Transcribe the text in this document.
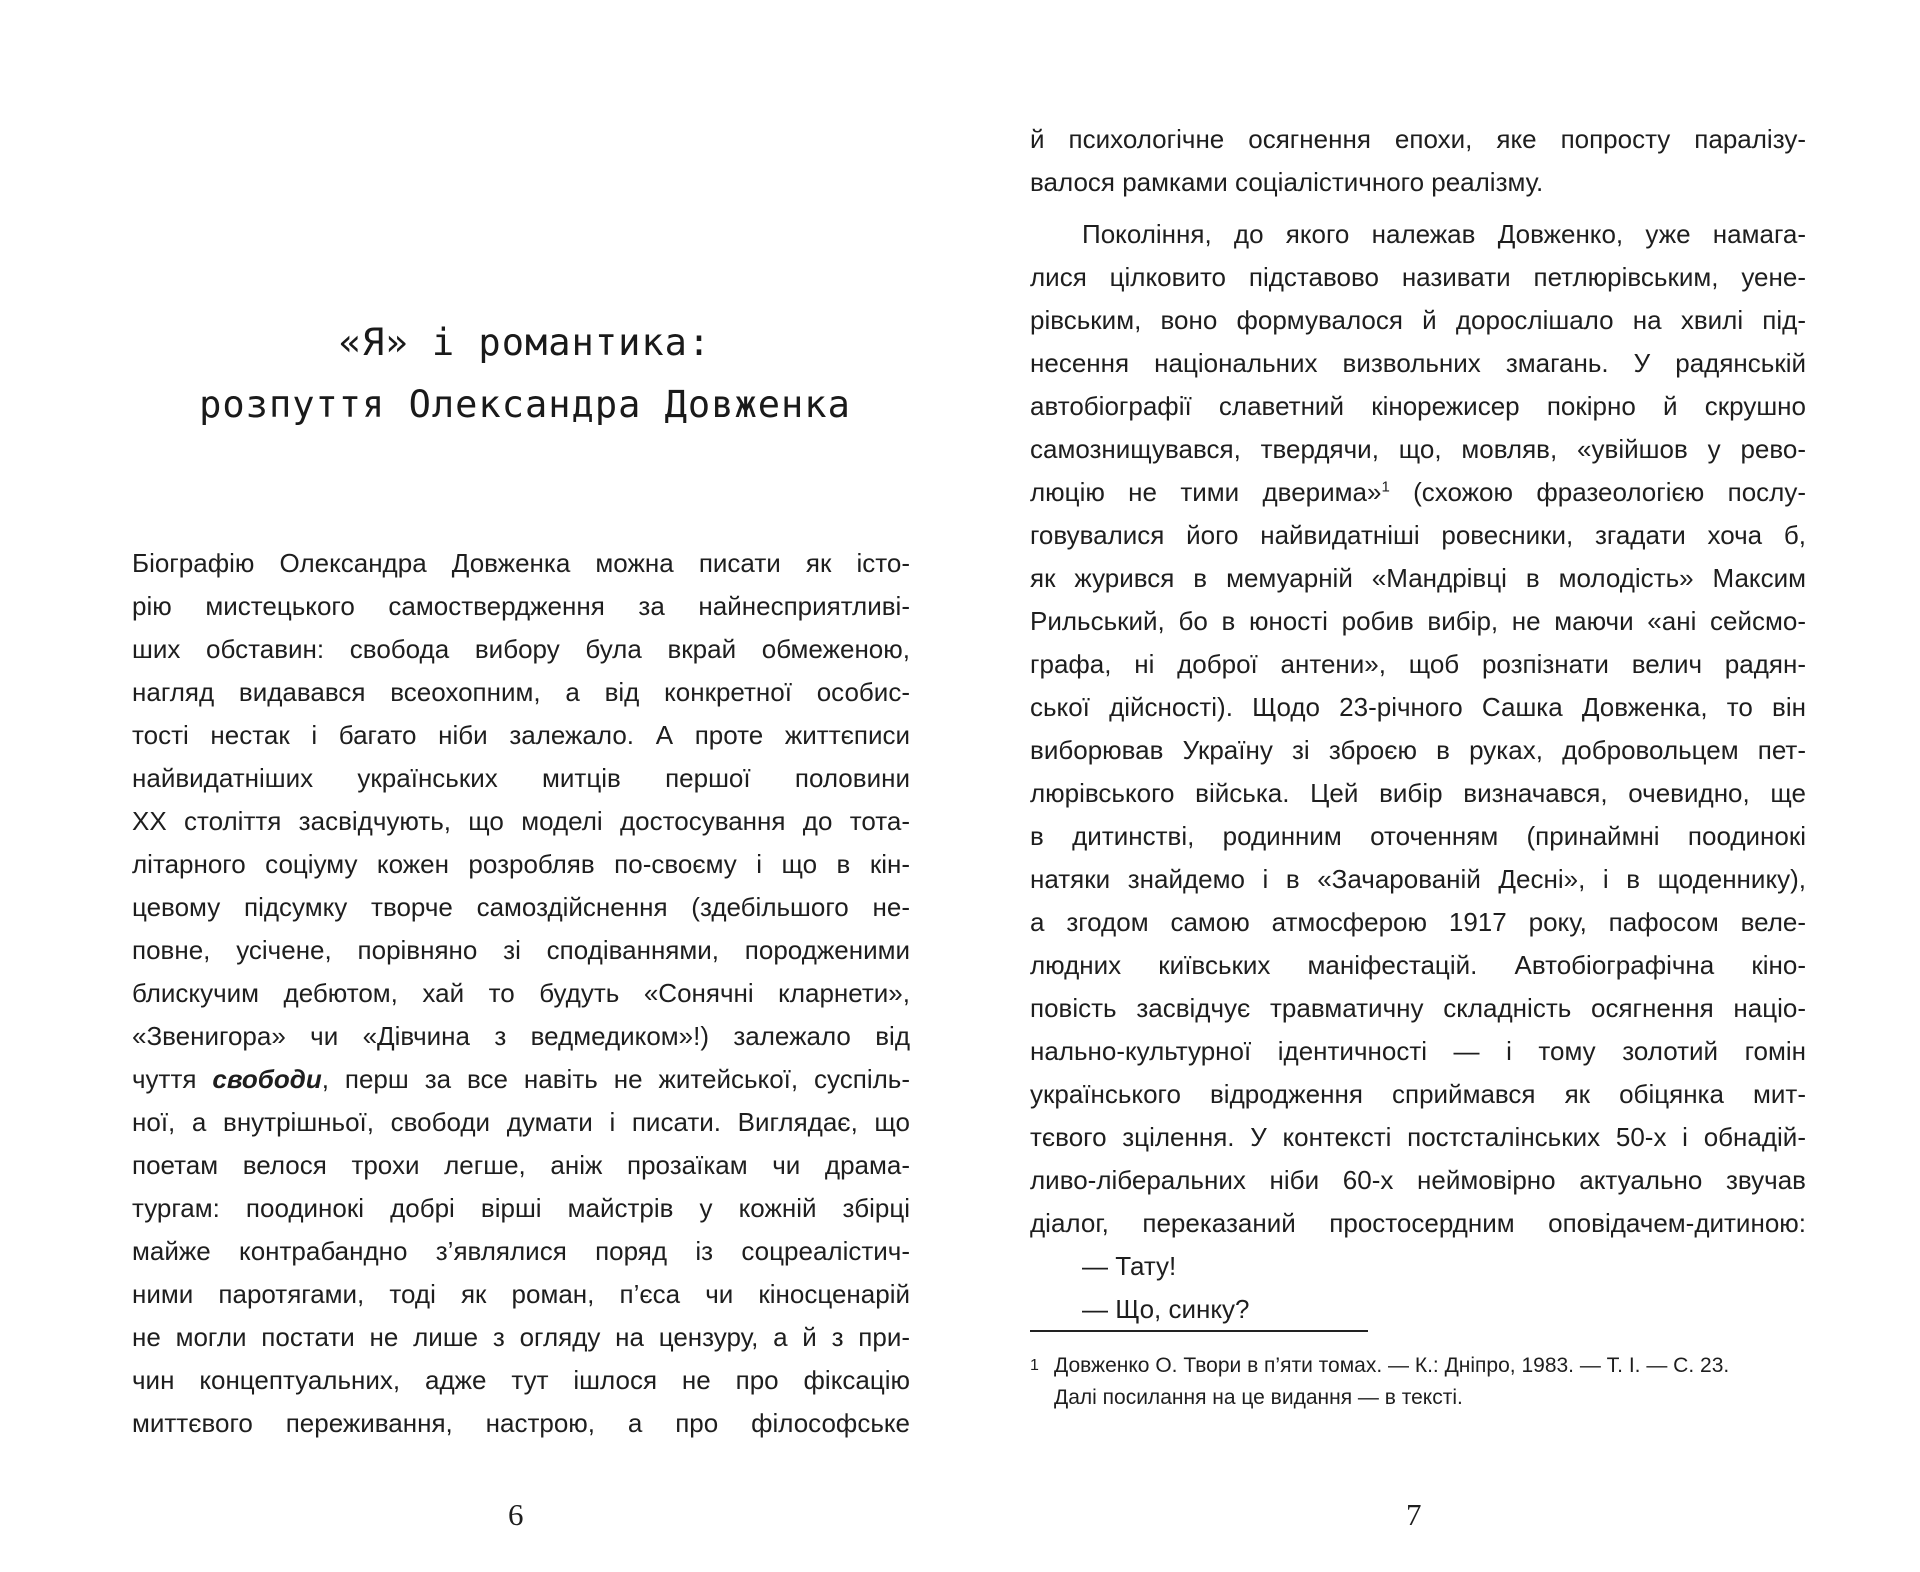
«Я» і романтика:
розпуття Олександра Довженка
Біографію Олександра Довженка можна писати як істо-
рію мистецького самоствердження за найнесприятливі-
ших обставин: свобода вибору була вкрай обмеженою,
нагляд видавався всеохопним, а від конкретної особис-
тості нестак і багато ніби залежало. А проте життєписи
найвидатніших українських митців першої половини
XX століття засвідчують, що моделі достосування до тота-
літарного соціуму кожен розробляв по-своєму і що в кін-
цевому підсумку творче самоздійснення (здебільшого не-
повне, усічене, порівняно зі сподіваннями, породженими
блискучим дебютом, хай то будуть «Сонячні кларнети»,
«Звенигора» чи «Дівчина з ведмедиком»!) залежало від
чуття свободи, перш за все навіть не житейської, суспіль-
ної, а внутрішньої, свободи думати і писати. Виглядає, що
поетам велося трохи легше, аніж прозаїкам чи драма-
тургам: поодинокі добрі вірші майстрів у кожній збірці
майже контрабандно з’являлися поряд із соцреалістич-
ними паротягами, тоді як роман, п’єса чи кіносценарій
не могли постати не лише з огляду на цензуру, а й з при-
чин концептуальних, адже тут ішлося не про фіксацію
миттєвого переживання, настрою, а про філософське
6
й психологічне осягнення епохи, яке попросту паралізу-
валося рамками соціалістичного реалізму.
Покоління, до якого належав Довженко, уже намага-
лися цілковито підставово називати петлюрівським, уене-
рівським, воно формувалося й дорослішало на хвилі під-
несення національних визвольних змагань. У радянській
автобіографії славетний кінорежисер покірно й скрушно
самознищувався, твердячи, що, мовляв, «увійшов у рево-
люцію не тими дверима»$^1$ (схожою фразеологією послу-
говувалися його найвидатніші ровесники, згадати хоча б,
як журився в мемуарній «Мандрівці в молодість» Максим
Рильський, бо в юності робив вибір, не маючи «ані сейсмо-
графа, ні доброї антени», щоб розпізнати велич радян-
ської дійсності). Щодо 23-річного Сашка Довженка, то він
виборював Україну зі зброєю в руках, добровольцем пет-
люрівського війська. Цей вибір визначався, очевидно, ще
в дитинстві, родинним оточенням (принаймні поодинокі
натяки знайдемо і в «Зачарованій Десні», і в щоденнику),
а згодом самою атмосферою 1917 року, пафосом веле-
людних київських маніфестацій. Автобіографічна кіно-
повість засвідчує травматичну складність осягнення націо-
нально-культурної ідентичності — і тому золотий гомін
українського відродження сприймався як обіцянка мит-
тєвого зцілення. У контексті постсталінських 50-х і обнадій-
ливо-ліберальних ніби 60-х неймовірно актуально звучав
діалог, переказаний простосердним оповідачем-дитиною:
— Тату!
— Що, синку?
1 Довженко О. Твори в п’яти томах. — К.: Дніпро, 1983. — Т. І. — С. 23.
Далі посилання на це видання — в тексті.
7
